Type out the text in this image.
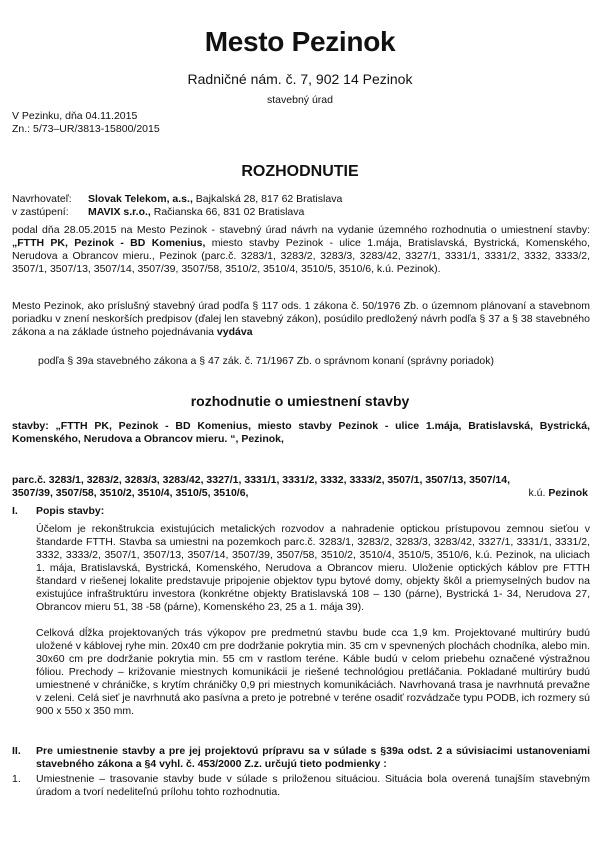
Mesto Pezinok
Radničné nám. č. 7, 902 14 Pezinok
stavebný úrad
V Pezinku, dňa 04.11.2015
Zn.: 5/73–UR/3813-15800/2015
ROZHODNUTIE
Navrhovateľ: Slovak Telekom, a.s., Bajkalská 28, 817 62 Bratislava
v zastúpení: MAVIX s.r.o., Račianska 66, 831 02 Bratislava

podal dňa 28.05.2015 na Mesto Pezinok - stavebný úrad návrh na vydanie územného rozhodnutia o umiestnení stavby: „FTTH PK, Pezinok - BD Komenius, miesto stavby Pezinok - ulice 1.mája, Bratislavská, Bystrická, Komenského, Nerudova a Obrancov mieru., Pezinok (parc.č. 3283/1, 3283/2, 3283/3, 3283/42, 3327/1, 3331/1, 3331/2, 3332, 3333/2, 3507/1, 3507/13, 3507/14, 3507/39, 3507/58, 3510/2, 3510/4, 3510/5, 3510/6, k.ú. Pezinok).

Mesto Pezinok, ako príslušný stavebný úrad podľa § 117 ods. 1 zákona č. 50/1976 Zb. o územnom plánovaní a stavebnom poriadku v znení neskorších predpisov (ďalej len stavebný zákon), posúdilo predložený návrh podľa § 37 a § 38 stavebného zákona a na základe ústneho pojednávania vydáva

podľa § 39a stavebného zákona a § 47 zák. č. 71/1967 Zb. o správnom konaní (správny poriadok)

rozhodnutie o umiestnení stavby

stavby: „FTTH PK, Pezinok - BD Komenius, miesto stavby Pezinok - ulice 1.mája, Bratislavská, Bystrická, Komenského, Nerudova a Obrancov mieru. “, Pezinok,

parc.č. 3283/1, 3283/2, 3283/3, 3283/42, 3327/1, 3331/1, 3331/2, 3332, 3333/2, 3507/1, 3507/13, 3507/14,
3507/39, 3507/58, 3510/2, 3510/4, 3510/5, 3510/6,	k.ú. Pezinok
I. Popis stavby:

Účelom je rekonštrukcia existujúcich metalických rozvodov a nahradenie optickou prístupovou zemnou sieťou v štandarde FTTH. Stavba sa umiestni na pozemkoch parc.č. 3283/1, 3283/2, 3283/3, 3283/42, 3327/1, 3331/1, 3331/2, 3332, 3333/2, 3507/1, 3507/13, 3507/14, 3507/39, 3507/58, 3510/2, 3510/4, 3510/5, 3510/6, k.ú. Pezinok, na uliciach 1. mája, Bratislavská, Bystrická, Komenského, Nerudova a Obrancov mieru. Uloženie optických káblov pre FTTH štandard v riešenej lokalite predstavuje pripojenie objektov typu bytové domy, objekty škôl a priemyselných budov na existujúce infraštruktúru investora (konkrétne objekty Bratislavská 108 – 130 (párne), Bystrická 1- 34, Nerudova 27, Obrancov mieru 51, 38 -58 (párne), Komenského 23, 25 a 1. mája 39).

Celková dĺžka projektovaných trás výkopov pre predmetnú stavbu bude cca 1,9 km. Projektované multirúry budú uložené v káblovej ryhe min. 20x40 cm pre dodržanie pokrytia min. 35 cm v spevnených plochách chodníka, alebo min. 30x60 cm pre dodržanie pokrytia min. 55 cm v rastlom teréne. Káble budú v celom priebehu označené výstražnou fóliou. Prechody – križovanie miestnych komunikácii je riešené technológiou pretláčania. Pokladané multirúry budú umiestnené v chráničke, s krytím chráničky 0,9 pri miestnych komunikáciách. Navrhovaná trasa je navrhnutá prevažne v zeleni. Celá sieť je navrhnutá ako pasívna a preto je potrebné v teréne osadiť rozvádzače typu PODB, ich rozmery sú 900 x 550 x 350 mm.

II. Pre umiestnenie stavby a pre jej projektovú prípravu sa v súlade s §39a odst. 2 a súvisiacimi ustanoveniami stavebného zákona a §4 vyhl. č. 453/2000 Z.z. určujú tieto podmienky :

1. Umiestnenie – trasovanie stavby bude v súlade s priloženou situáciou. Situácia bola overená tunajším stavebným úradom a tvorí nedeliteľnú prílohu tohto rozhodnutia.
